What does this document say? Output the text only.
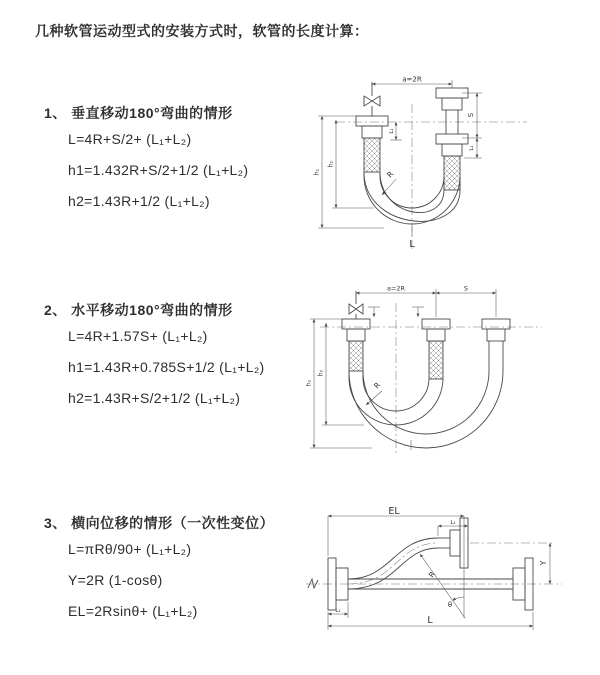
几种软管运动型式的安装方式时，软管的长度计算：
1、 垂直移动180°弯曲的情形
L=4R+S/2+ (L₁+L₂)
h1=1.432R+S/2+1/2 (L₁+L₂)
h2=1.43R+1/2 (L₁+L₂)
a=2R
S
L₁
L₁
h₁
h₂
R
L
2、 水平移动180°弯曲的情形
L=4R+1.57S+ (L₁+L₂)
h1=1.43R+0.785S+1/2 (L₁+L₂)
h2=1.43R+S/2+1/2 (L₁+L₂)
a=2R	S
h₁
h₂
R
3、 横向位移的情形（一次性变位）
L=πRθ/90+ (L₁+L₂)
Y=2R (1-cosθ)
EL=2Rsinθ+ (L₁+L₂)
EL
L₁
Y
R
θ
L
L₁
